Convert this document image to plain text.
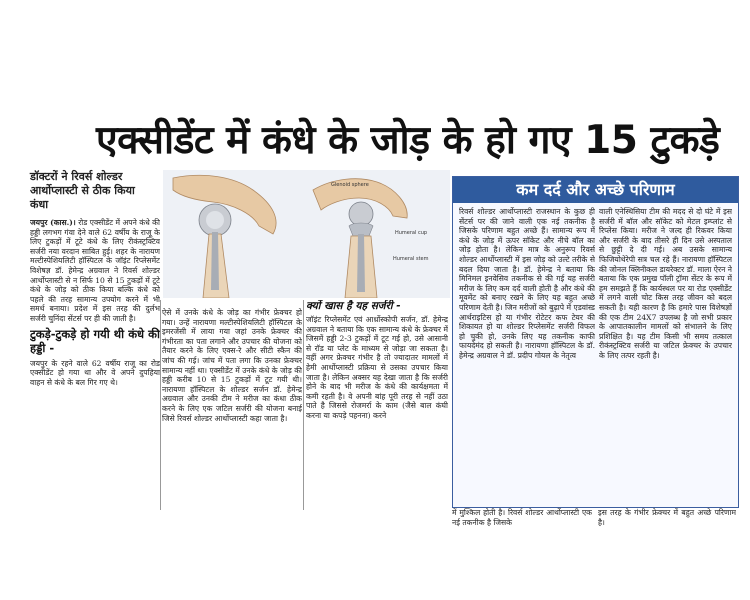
एक्सीडेंट में कंधे के जोड़ के हो गए 15 टुकड़े
डॉक्टरों ने रिवर्स शोल्डर आर्थोप्लास्टी से ठीक किया कंधा

जयपुर (कास.)। रोड एक्सीडेंट में अपने कंधे की हड्डी लगभग गंवा देने वाले 62 वर्षीय के राजू के लिए टुकड़ों में टूटे कंधे के लिए रीकंस्ट्रक्टिव सर्जरी नया वरदान साबित हुई। शहर के नारायण मल्टीस्पेशियलिटी हॉस्पिटल के जॉइंट रिप्लेसमेंट विशेषज्ञ डॉ. हेमेन्द्र अग्रवाल ने रिवर्स शोल्डर आर्थोप्लास्टी से न सिर्फ 10 से 15 टुकड़ों में टूटे कंधे के जोड़ को ठीक किया बल्कि कंधे को पहले की तरह सामान्य उपयोग करने में भी समर्थ बनाया। प्रदेश में इस तरह की दुर्लभ सर्जरी चुनिंदा सेंटर्स पर ही की जाती है।

टुकड़े-टुकड़े हो गयी थी कंधे की हड्डी -

जयपुर के रहने वाले 62 वर्षीय राजू का रोड एक्सीडेंट हो गया था और वे अपने दुपहिया वाहन से कंधे के बल गिर गए थे।

Glenoid sphere
Humeral cup
Humeral stem

ऐसे में उनके कंधे के जोड़ का गंभीर फ्रेक्चर हो गया। उन्हें नारायणा मल्टीस्पेशियलिटी हॉस्पिटल के इमरजेंसी में लाया गया जहां उनके फ्रेक्चर की गंभीरता का पता लगाने और उपचार की योजना को तैयार करने के लिए एक्स-रे और सीटी स्कैन की जांच की गई। जांच में पता लगा कि उनका फ्रेक्चर सामान्य नहीं था। एक्सीडेंट में उनके कंधे के जोड़ की हड्डी करीब 10 से 15 टुकड़ों में टूट गयी थी। नारायणा हॉस्पिटल के शोल्डर सर्जन डॉ. हेमेन्द्र अग्रवाल और उनकी टीम ने मरीज का कंधा ठीक करने के लिए एक जटिल सर्जरी की योजना बनाई जिसे रिवर्स शोल्डर आर्थोप्लास्टी कहा जाता है।

क्यों खास है यह सर्जरी -

जॉइंट रिप्लेसमेंट एवं आर्थ्रोस्कोपी सर्जन, डॉ. हेमेन्द्र अग्रवाल ने बताया कि एक सामान्य कंधे के फ्रेक्चर में जिसमें हड्डी 2-3 टुकड़ों में टूट गई हो, उसे आसानी से रॉड या प्लेट के माध्यम से जोड़ा जा सकता है। वहीं अगर फ्रेक्चर गंभीर है तो ज्यादातर मामलों में हेमी आर्थोप्लास्टी प्रक्रिया से उसका उपचार किया जाता है। लेकिन अक्सर यह देखा जाता है कि सर्जरी होने के बाद भी मरीज के कंधे की कार्यक्षमता में कमी रहती है। वे अपनी बांह पूरी तरह से नहीं उठा पाते है जिससे रोजमर्रा के काम (जैसे बाल कंघी करना या कपड़े पहनना) करने

कम दर्द और अच्छे परिणाम

रिवर्स शोल्डर आर्थोप्लास्टी राजस्थान के कुछ ही सेंटर्स पर की जाने वाली एक नई तकनीक है जिसके परिणाम बहुत अच्छे हैं। सामान्य रूप में कंधे के जोड़ में ऊपर सॉकेट और नीचे बॉल का जोड़ होता है। लेकिन मात्र के अनुरूप रिवर्स शोल्डर आर्थोप्लास्टी में इस जोड़ को उल्टे तरीके से बदल दिया जाता है। डॉ. हेमेन्द्र ने बताया कि मिनिमल इनवेसिव तकनीक से की गई यह सर्जरी मरीज के लिए कम दर्द वाली होती है और कंधे की मूवमेंट को बनाए रखने के लिए यह बहुत अच्छे परिणाम देती है। जिन मरीजों को बुढ़ापे में एडवांस्ड आर्थराइटिस हो या गंभीर रोटेटर कफ टेयर की शिकायत हो या शोल्डर रिप्लेसमेंट सर्जरी विफल हो चुकी हो, उनके लिए यह तकनीक काफी फायदेमंद हो सकती है। नारायणा हॉस्पिटल के डॉ. हेमेन्द्र अग्रवाल ने डॉ. प्रदीप गोयल के नेतृत्व

वाली एनेस्थिसिया टीम की मदद से दो घंटे में इस सर्जरी में बॉल और सॉकेट को मेटल इम्प्लांट से रिप्लेस किया। मरीज ने जल्द ही रिकवर किया और सर्जरी के बाद तीसरे ही दिन उसे अस्पताल से छुट्टी दे दी गई। अब उसके सामान्य फिजियोथेरेपी सत्र चल रहे हैं। नारायणा हॉस्पिटल की जोनल क्लिनीकल डायरेक्टर डॉ. माला ऐरन ने बताया कि एक प्रमुख पॉली ट्रॉमा सेंटर के रूप में हम समझते हैं कि कार्यस्थल पर या रोड एक्सीडेंट में लगने वाली चोट किस तरह जीवन को बदल सकती है। यही कारण है कि हमारे पास विशेषज्ञों की एक टीम 24X7 उपलब्ध है जो सभी प्रकार के आपातकालीन मामलों को संभालने के लिए प्रशिक्षित है। यह टीम किसी भी समय तत्काल रीकंस्ट्रक्टिव सर्जरी या जटिल फ्रेक्चर के उपचार के लिए तत्पर रहती है।

में मुश्किल होती है। रिवर्स शोल्डर आर्थोप्लास्टी एक नई तकनीक है जिसके

इस तरह के गंभीर फ्रेक्चर में बहुत अच्छे परिणाम है।
